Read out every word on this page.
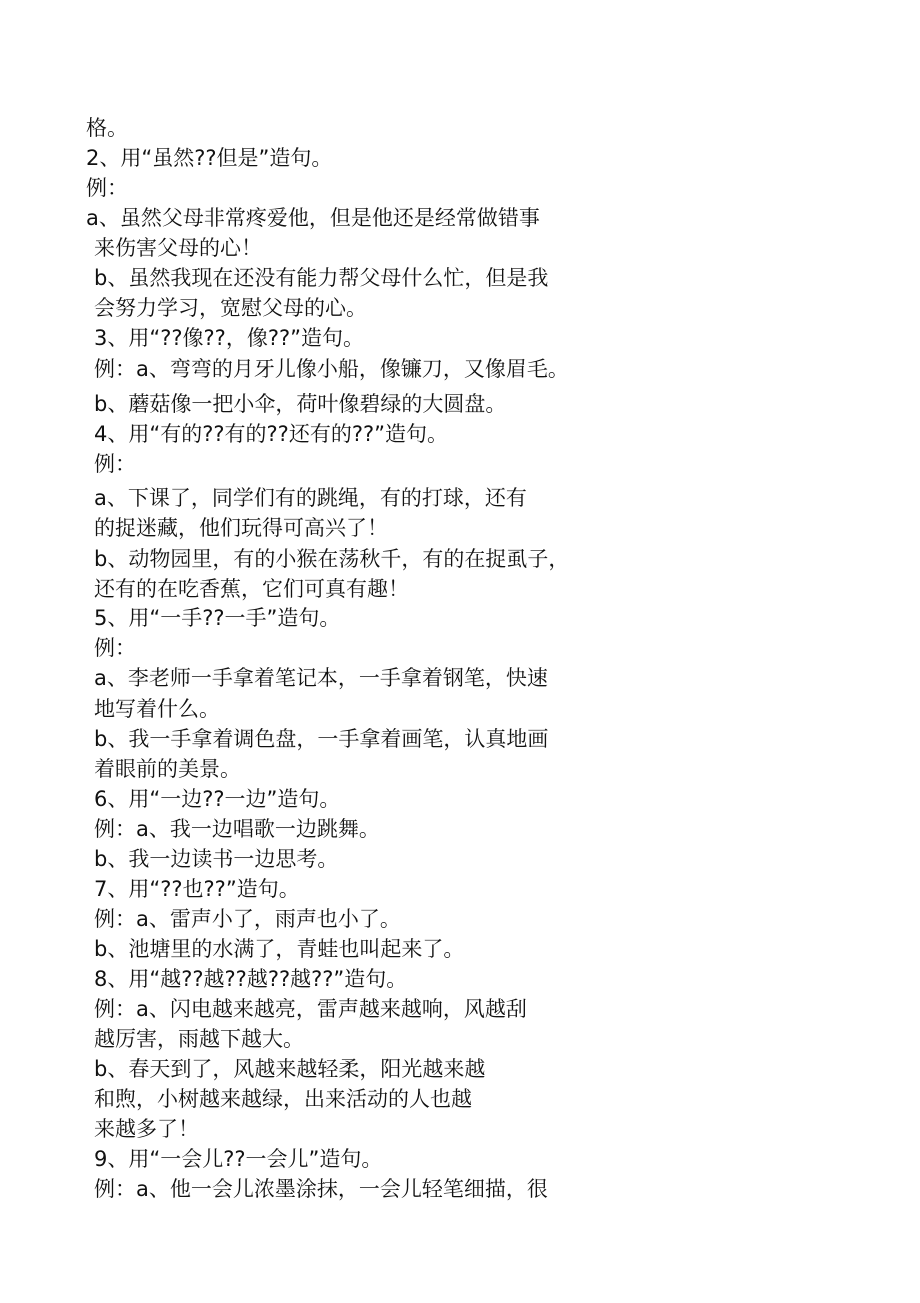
格。
2、用“虽然??但是”造句。
例：
a、虽然父母非常疼爱他，但是他还是经常做错事
来伤害父母的心！
b、虽然我现在还没有能力帮父母什么忙，但是我
会努力学习，宽慰父母的心。
3、用“??像??，像??”造句。
例：a、弯弯的月牙儿像小船，像镰刀，又像眉毛。
b、蘑菇像一把小伞，荷叶像碧绿的大圆盘。
4、用“有的??有的??还有的??”造句。
例：
a、下课了，同学们有的跳绳，有的打球，还有
的捉迷藏，他们玩得可高兴了！
b、动物园里，有的小猴在荡秋千，有的在捉虱子，
还有的在吃香蕉，它们可真有趣！
5、用“一手??一手”造句。
例：
a、李老师一手拿着笔记本，一手拿着钢笔，快速
地写着什么。
b、我一手拿着调色盘，一手拿着画笔，认真地画
着眼前的美景。
6、用“一边??一边”造句。
例：a、我一边唱歌一边跳舞。
b、我一边读书一边思考。
7、用“??也??”造句。
例：a、雷声小了，雨声也小了。
b、池塘里的水满了，青蛙也叫起来了。
8、用“越??越??越??越??”造句。
例：a、闪电越来越亮，雷声越来越响，风越刮
越厉害，雨越下越大。
b、春天到了，风越来越轻柔，阳光越来越
和煦，小树越来越绿，出来活动的人也越
来越多了！
9、用“一会儿??一会儿”造句。
例：a、他一会儿浓墨涂抹，一会儿轻笔细描，很
